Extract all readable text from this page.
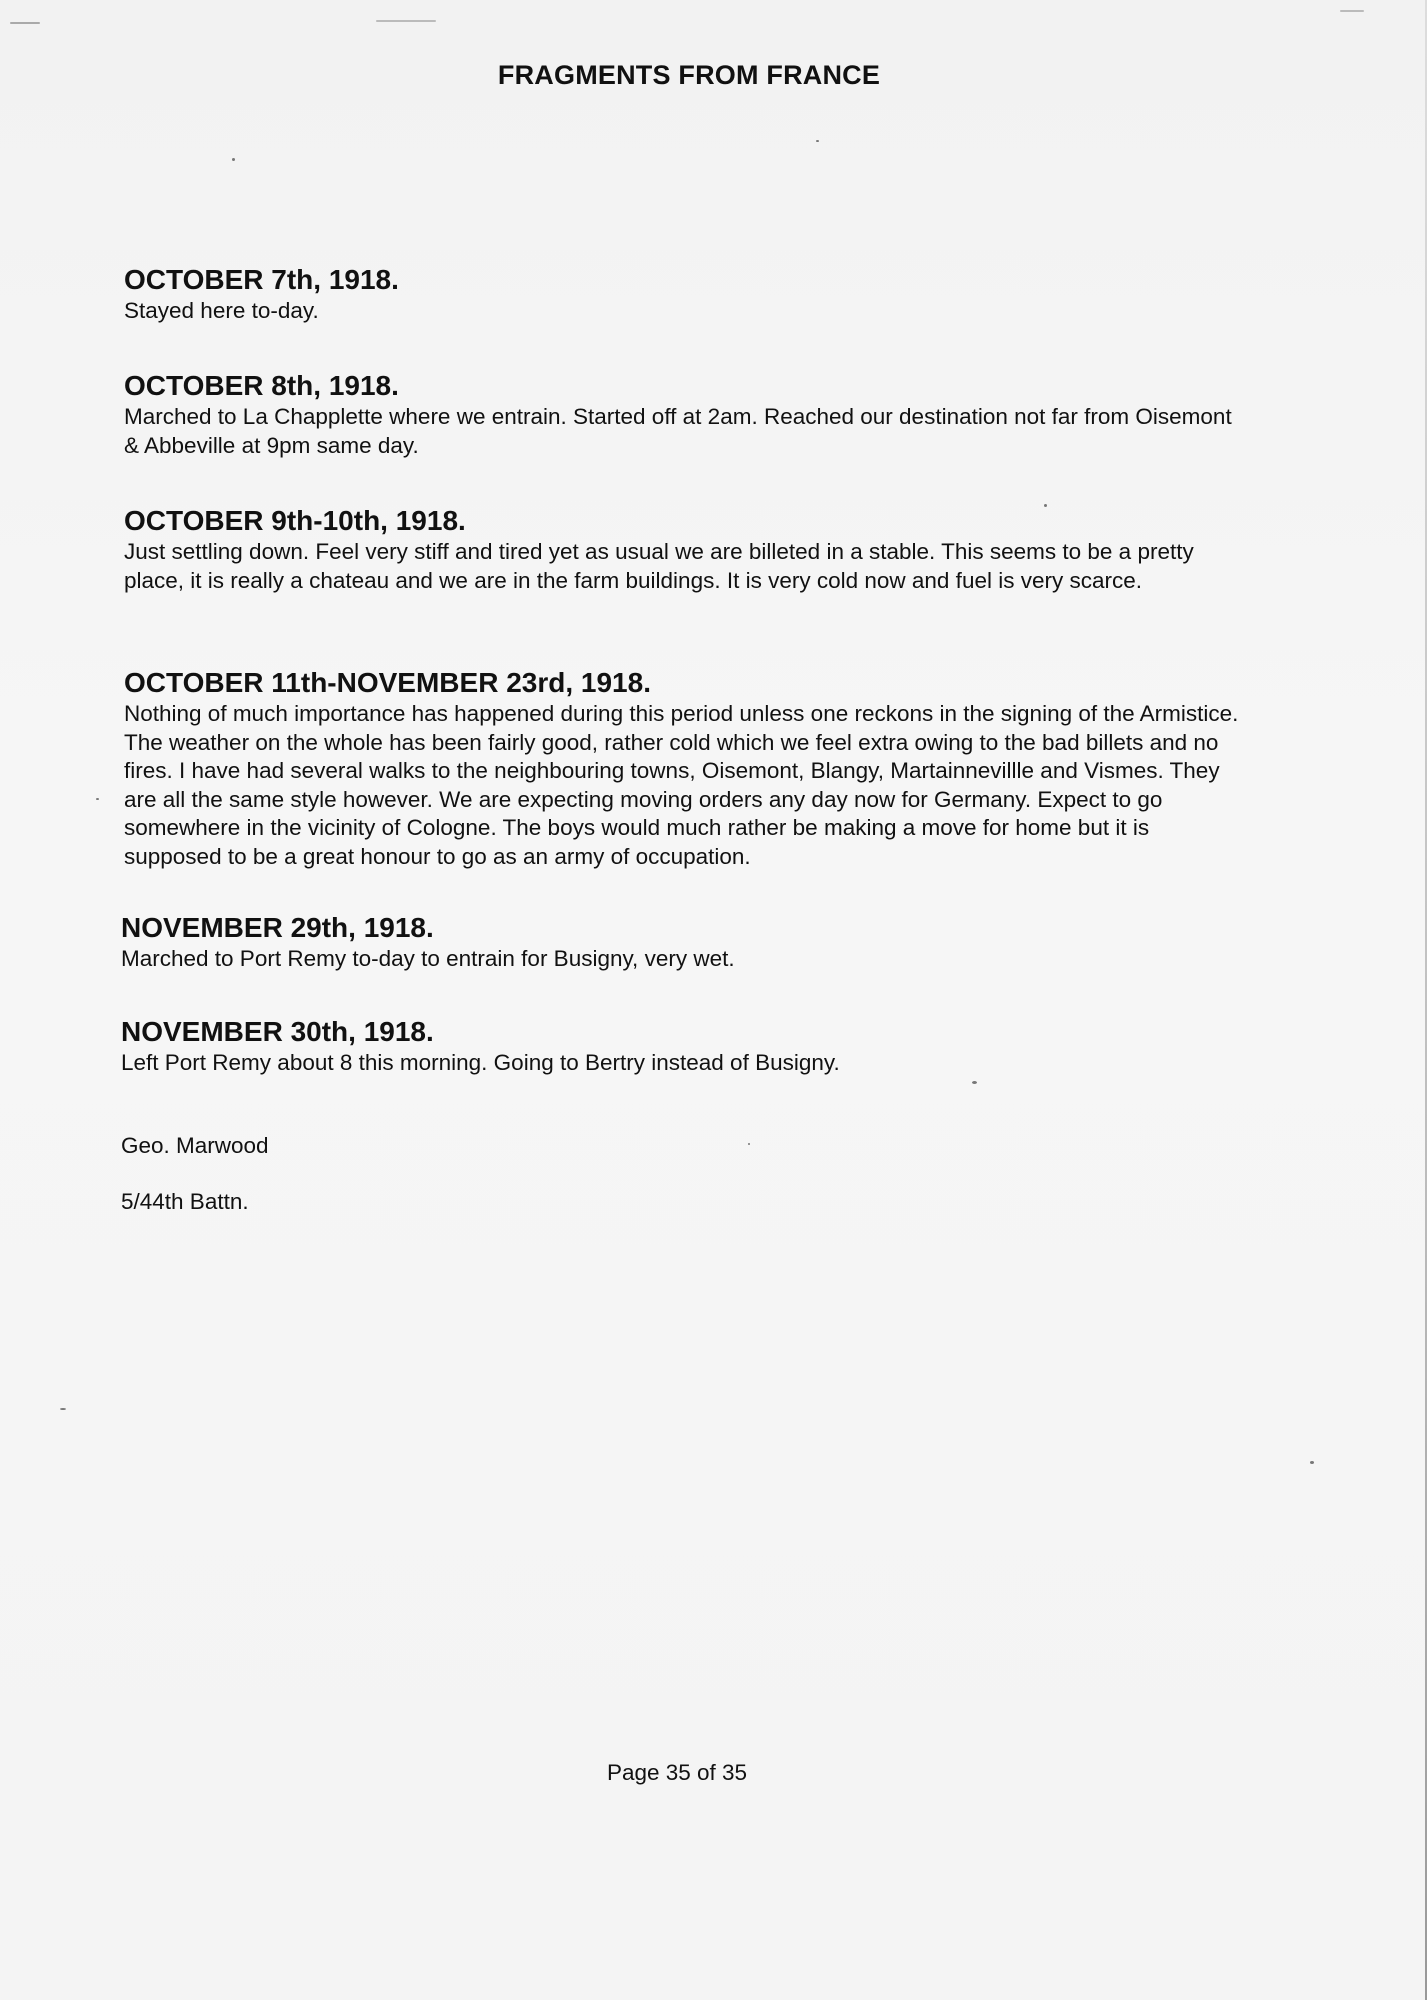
FRAGMENTS FROM FRANCE

OCTOBER 7th, 1918.

Stayed here to-day.

OCTOBER 8th, 1918.

Marched to La Chapplette where we entrain. Started off at 2am. Reached our destination not far from Oisemont & Abbeville at 9pm same day.

OCTOBER 9th-10th, 1918.

Just settling down. Feel very stiff and tired yet as usual we are billeted in a stable. This seems to be a pretty place, it is really a chateau and we are in the farm buildings. It is very cold now and fuel is very scarce.

OCTOBER 11th-NOVEMBER 23rd, 1918.

Nothing of much importance has happened during this period unless one reckons in the signing of the Armistice. The weather on the whole has been fairly good, rather cold which we feel extra owing to the bad billets and no fires. I have had several walks to the neighbouring towns, Oisemont, Blangy, Martainnevillle and Vismes. They are all the same style however. We are expecting moving orders any day now for Germany. Expect to go somewhere in the vicinity of Cologne. The boys would much rather be making a move for home but it is supposed to be a great honour to go as an army of occupation.

NOVEMBER 29th, 1918.

Marched to Port Remy to-day to entrain for Busigny, very wet.

NOVEMBER 30th, 1918.

Left Port Remy about 8 this morning. Going to Bertry instead of Busigny.

Geo. Marwood
5/44th Battn.
Page 35 of 35
